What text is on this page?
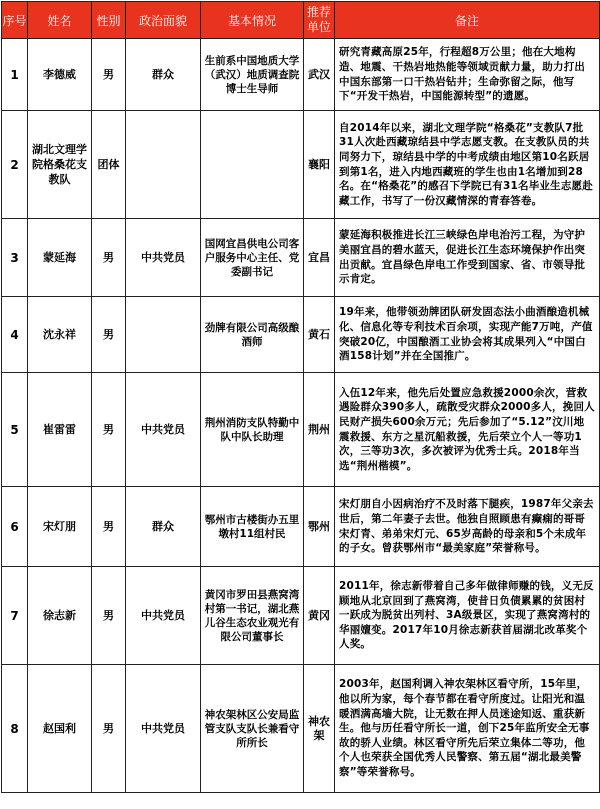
序号	姓名	性别	政治面貌	基本情况	推荐单位	备注
1	李德威	男	群众	生前系中国地质大学（武汉）地质调查院博士生导师	武汉	研究青藏高原25年，行程超8万公里；他在大地构造、地震、干热岩地热能等领域贡献力量，助力打出中国东部第一口干热岩钻井；生命弥留之际，他写下“开发干热岩，中国能源转型”的遗愿。
2	湖北文理学院格桑花支教队	团体			襄阳	自2014年以来，湖北文理学院“格桑花”支教队7批31人次赴西藏琼结县中学志愿支教。在支教队员的共同努力下，琼结县中学的中考成绩由地区第10名跃居到第1名，进入内地西藏班的学生也由1名增加到28名。在“格桑花”的感召下学院已有31名毕业生志愿赴藏工作，书写了一份汉藏情深的青春答卷。
3	蒙延海	男	中共党员	国网宜昌供电公司客户服务中心主任、党委副书记	宜昌	蒙延海积极推进长江三峡绿色岸电治污工程，为守护美丽宜昌的碧水蓝天，促进长江生态环境保护作出突出贡献。宜昌绿色岸电工作受到国家、省、市领导批示肯定。
4	沈永祥	男		劲牌有限公司高级酿酒师	黄石	19年来，他带领劲牌团队研发固态法小曲酒酿造机械化、信息化等专利技术百余项，实现产能7万吨，产值突破20亿，中国酿酒工业协会将其成果列入“中国白酒158计划”并在全国推广。
5	崔雷雷	男	中共党员	荆州消防支队特勤中队中队长助理	荆州	入伍12年来，他先后处置应急救援2000余次，营救遇险群众390多人，疏散受灾群众2000多人，挽回人民财产损失600余万元；先后参加了“5.12”汶川地震救援、东方之星沉船救援，先后荣立个人一等功1次，三等功3次，多次被评为优秀士兵。2018年当选“荆州楷模”。
6	宋灯朋	男	群众	鄂州市古楼街办五里墩村11组村民	鄂州	宋灯朋自小因病治疗不及时落下腿疾，1987年父亲去世后，第二年妻子去世。他独自照顾患有癫痫的哥哥宋灯青、弟弟宋灯元、65岁高龄的母亲和5个未成年的子女。曾获鄂州市“最美家庭”荣誉称号。
7	徐志新	男	中共党员	黄冈市罗田县燕窝湾村第一书记，湖北燕儿谷生态农业观光有限公司董事长	黄冈	2011年，徐志新带着自己多年做律师赚的钱，义无反顾地从北京回到了燕窝湾，使昔日负债累累的贫困村一跃成为脱贫出列村、3A级景区，实现了燕窝湾村的华丽嬗变。2017年10月徐志新获首届湖北改革奖个人奖。
8	赵国利	男	中共党员	神农架林区公安局监管支队支队长兼看守所所长	神农架	2003年，赵国利调入神农架林区看守所，15年里，他以所为家，每个春节都在看守所度过。让阳光和温暖洒满高墙大院，让无数在押人员迷途知返、重获新生。他与历任看守所长一道，创下25年监所安全无事故的骄人业绩。林区看守所先后荣立集体二等功，他个人也荣获全国优秀人民警察、第五届“湖北最美警察”等荣誉称号。
